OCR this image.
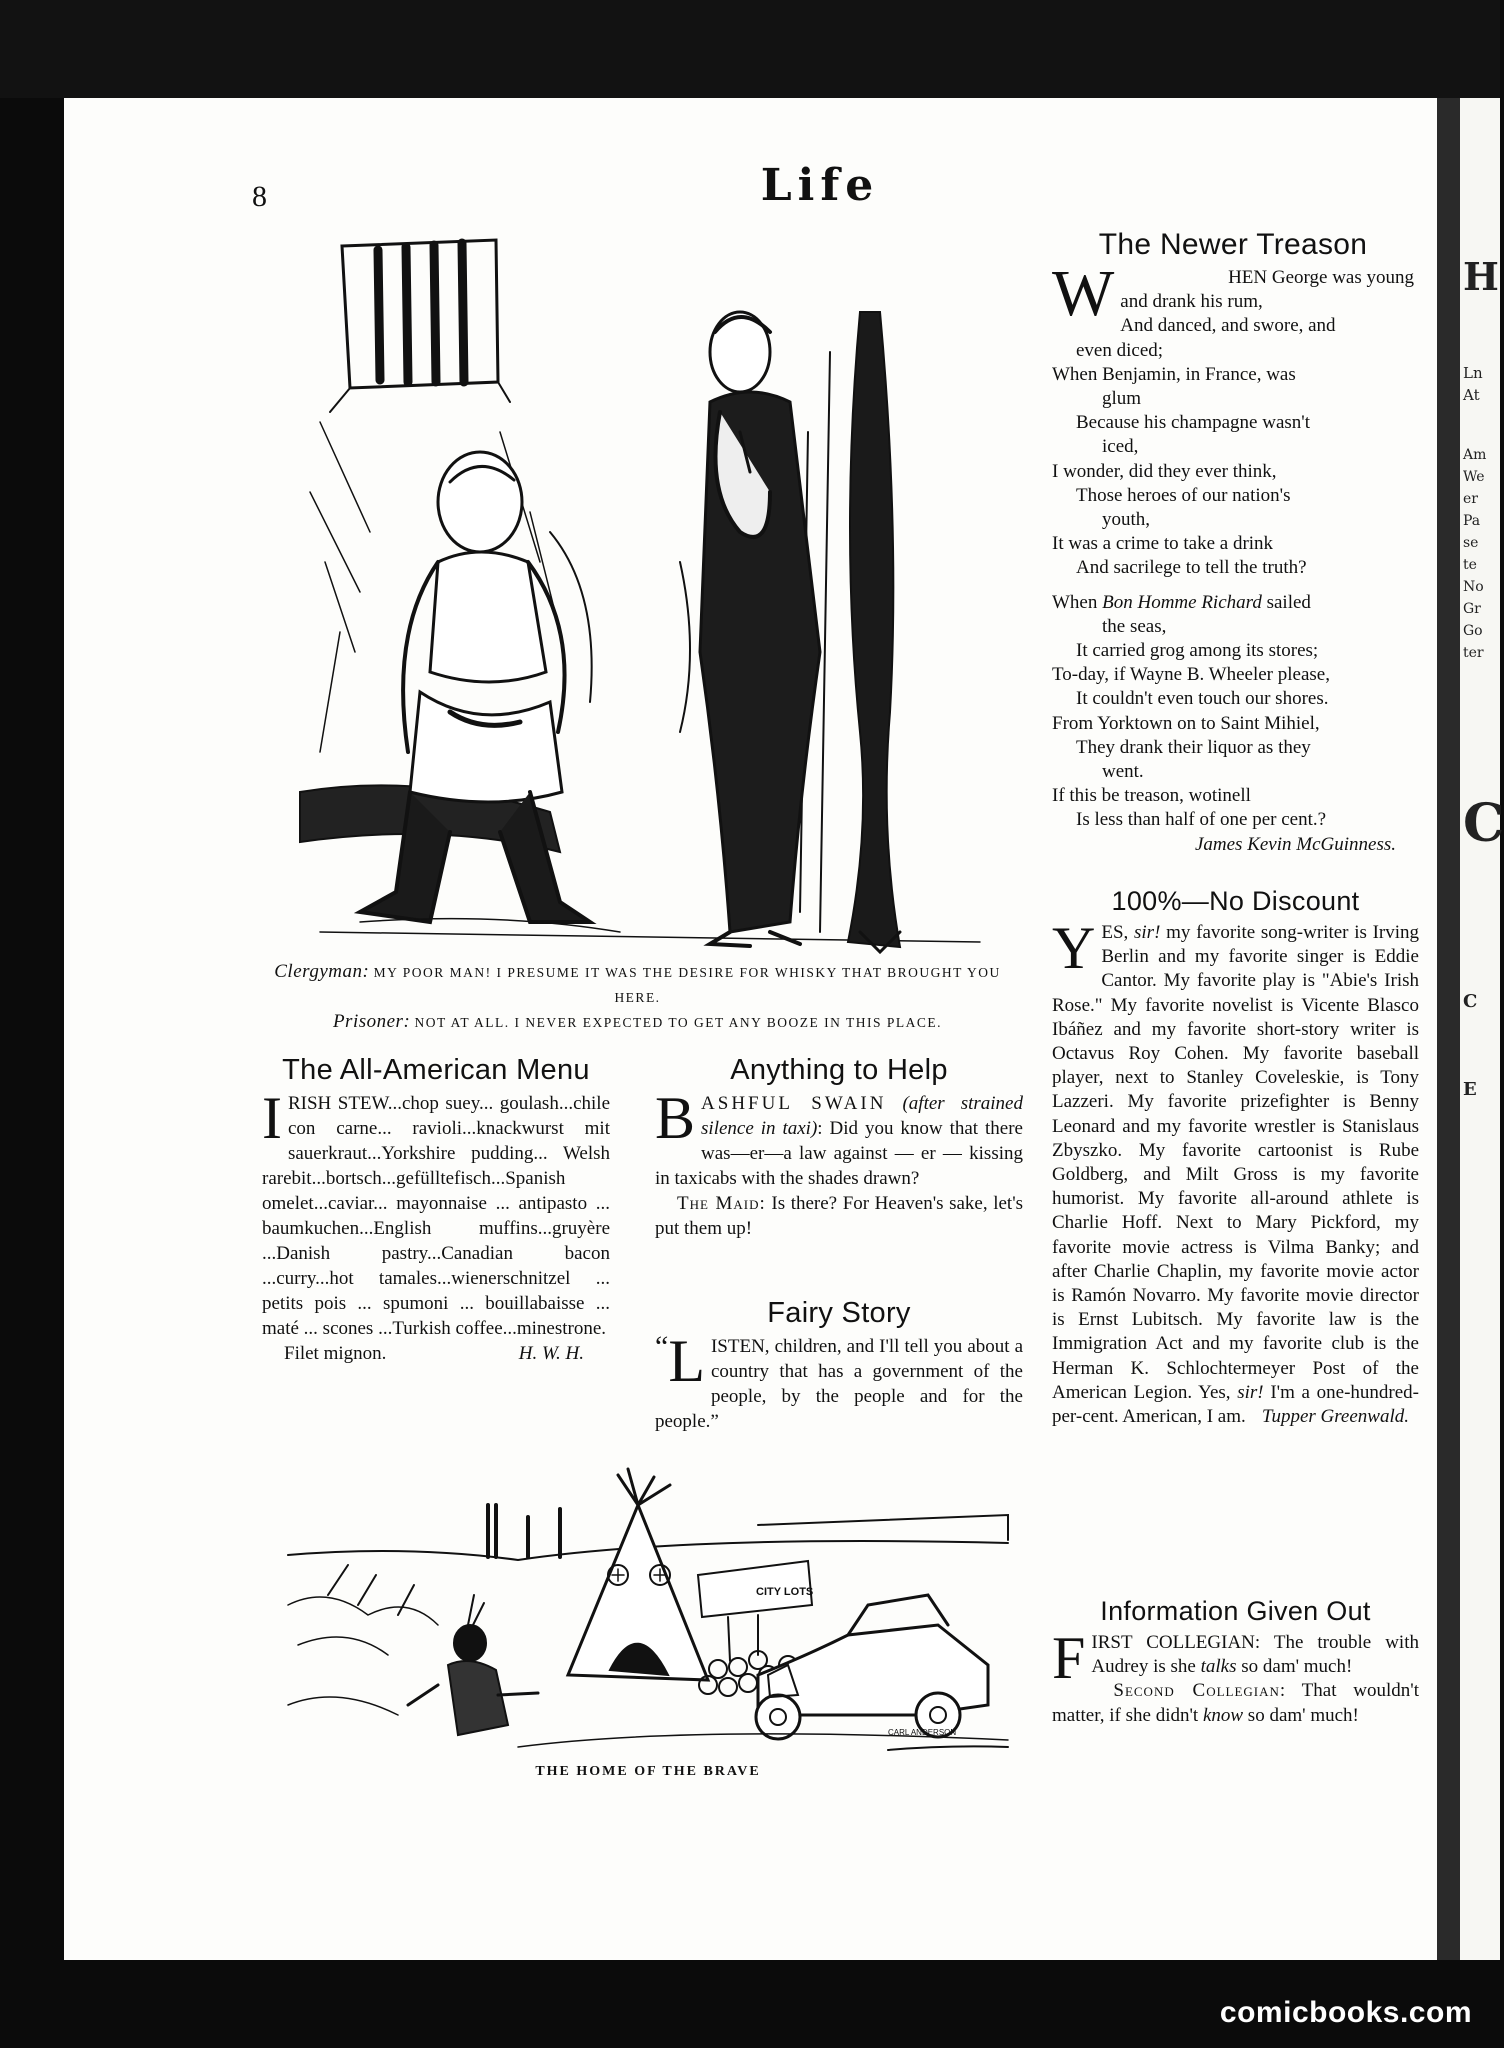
H
Ln
At
Am
We
er
Pa
se
te
No
Gr
Go
ter
C
C
E
8	Life
Clergyman: MY POOR MAN! I PRESUME IT WAS THE DESIRE FOR WHISKY THAT BROUGHT YOU HERE.
Prisoner: NOT AT ALL. I NEVER EXPECTED TO GET ANY BOOZE IN THIS PLACE.
The All-American Menu
IRISH STEW...chop suey... goulash...chile con carne... ravioli...knackwurst mit sauerkraut...Yorkshire pudding... Welsh rarebit...bortsch...gefülltefisch...Spanish omelet...caviar... mayonnaise ... antipasto ... baumkuchen...English muffins...gruyère ...Danish pastry...Canadian bacon ...curry...hot tamales...wienerschnitzel ... petits pois ... spumoni ... bouillabaisse ... maté ... scones ...Turkish coffee...minestrone.
Filet mignon.	H. W. H.
Anything to Help
BASHFUL SWAIN (after strained silence in taxi): Did you know that there was—er—a law against — er — kissing in taxicabs with the shades drawn?
The Maid: Is there? For Heaven's sake, let's put them up!
Fairy Story
“ L ISTEN, children, and I'll tell you about a country that has a government of the people, by the people and for the people.”
CITY LOTS
CARL ANDERSON
THE HOME OF THE BRAVE
The Newer Treason
W	HEN George was young
and drank his rum,
And danced, and swore, and
even diced;
When Benjamin, in France, was
glum
Because his champagne wasn't
iced,
I wonder, did they ever think,
Those heroes of our nation's
youth,
It was a crime to take a drink
And sacrilege to tell the truth?
When Bon Homme Richard sailed
the seas,
It carried grog among its stores;
To-day, if Wayne B. Wheeler please,
It couldn't even touch our shores.
From Yorktown on to Saint Mihiel,
They drank their liquor as they
went.
If this be treason, wotinell
Is less than half of one per cent.?
James Kevin McGuinness.
100%—No Discount
YES, sir! my favorite song-writer is Irving Berlin and my favorite singer is Eddie Cantor. My favorite play is "Abie's Irish Rose." My favorite novelist is Vicente Blasco Ibáñez and my favorite short-story writer is Octavus Roy Cohen. My favorite baseball player, next to Stanley Coveleskie, is Tony Lazzeri. My favorite prizefighter is Benny Leonard and my favorite wrestler is Stanislaus Zbyszko. My favorite cartoonist is Rube Goldberg, and Milt Gross is my favorite humorist. My favorite all-around athlete is Charlie Hoff. Next to Mary Pickford, my favorite movie actress is Vilma Banky; and after Charlie Chaplin, my favorite movie actor is Ramón Novarro. My favorite movie director is Ernst Lubitsch. My favorite law is the Immigration Act and my favorite club is the Herman K. Schlochtermeyer Post of the American Legion. Yes, sir! I'm a one-hundred-per-cent. American, I am. Tupper Greenwald.
Information Given Out
FIRST COLLEGIAN: The trouble with Audrey is she talks so dam' much!
Second Collegian: That wouldn't matter, if she didn't know so dam' much!
comicbooks.com
